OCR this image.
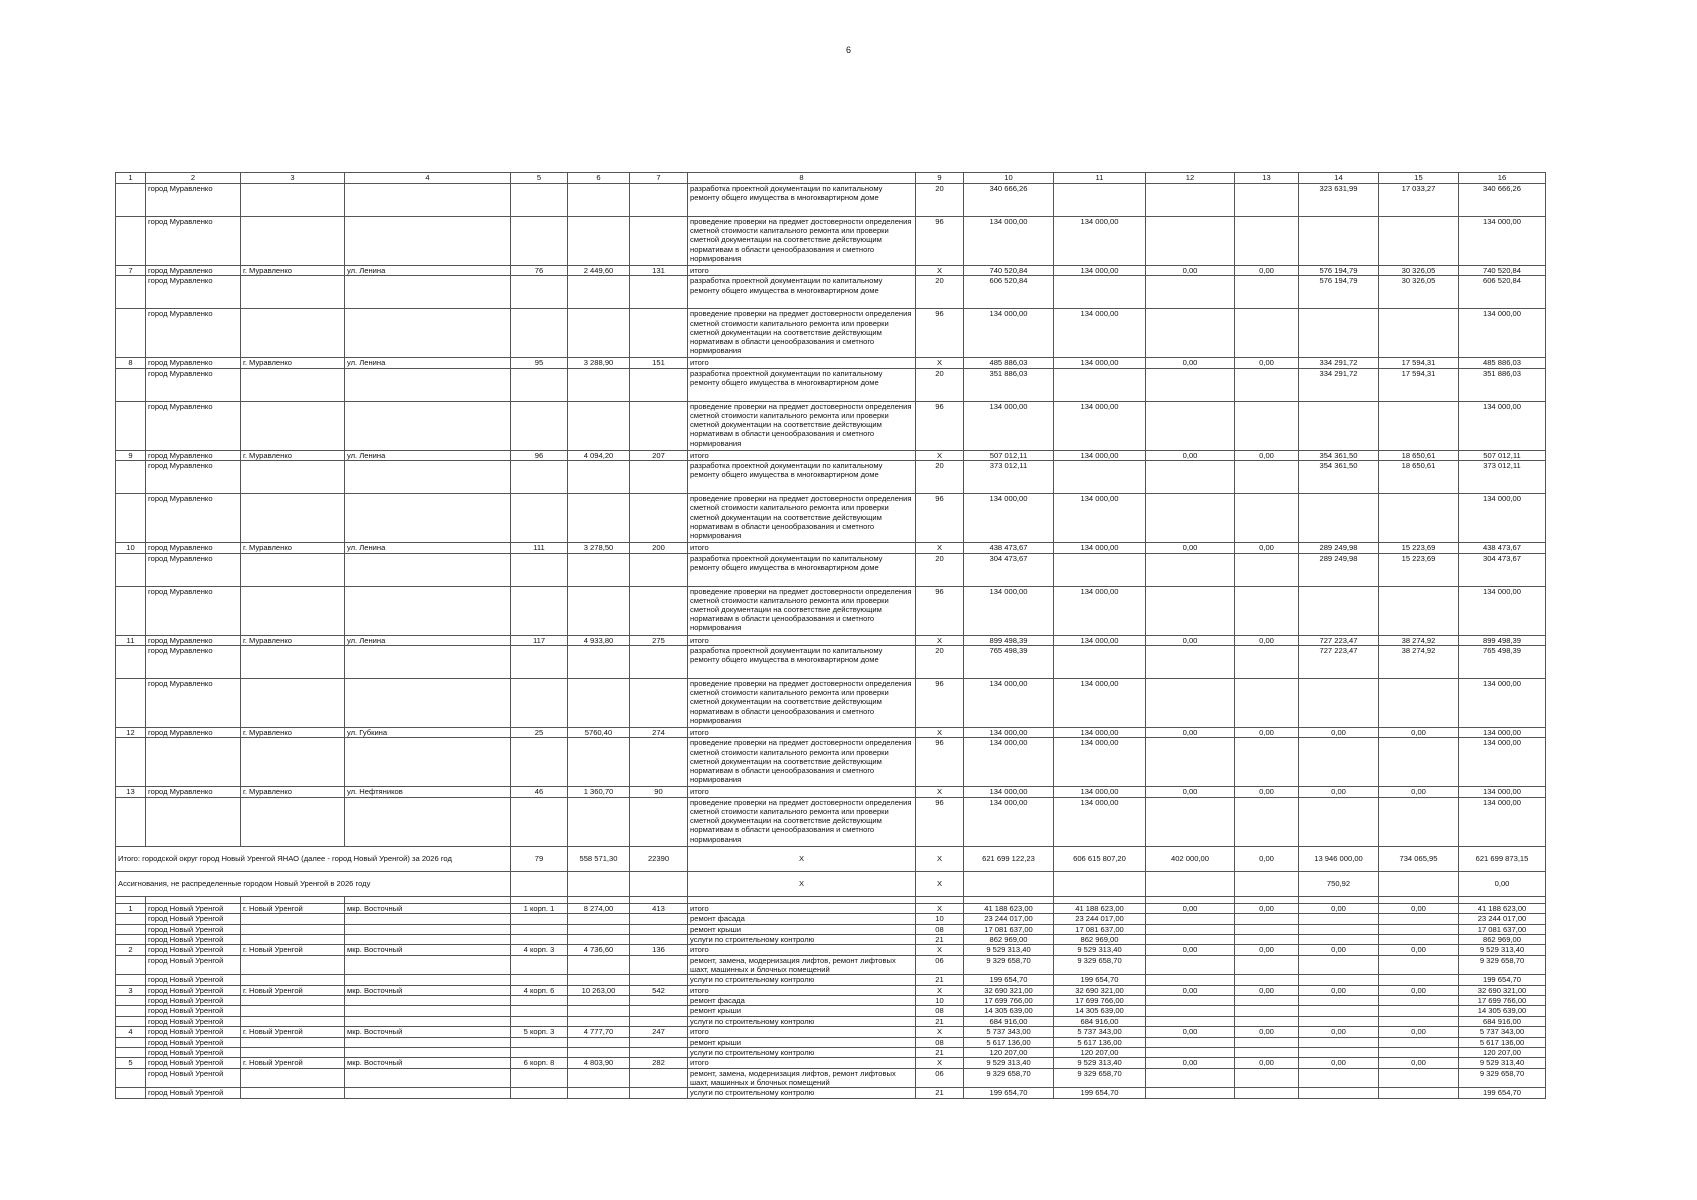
6
1	2	3	4	5	6	7	8	9	10	11	12	13	14	15	16
	город Муравленко						разработка проектной документации по капитальному ремонту общего имущества в многоквартирном доме	20	340 666,26				323 631,99	17 033,27	340 666,26
	город Муравленко						проведение проверки на предмет достоверности определения сметной стоимости капитального ремонта или проверки сметной документации на соответствие действующим нормативам в области ценообразования и сметного нормирования	96	134 000,00	134 000,00					134 000,00
7	город Муравленко	г. Муравленко	ул. Ленина	76	2 449,60	131	итого	X	740 520,84	134 000,00	0,00	0,00	576 194,79	30 326,05	740 520,84
	город Муравленко						разработка проектной документации по капитальному ремонту общего имущества в многоквартирном доме	20	606 520,84				576 194,79	30 326,05	606 520,84
	город Муравленко						проведение проверки на предмет достоверности определения сметной стоимости капитального ремонта или проверки сметной документации на соответствие действующим нормативам в области ценообразования и сметного нормирования	96	134 000,00	134 000,00					134 000,00
8	город Муравленко	г. Муравленко	ул. Ленина	95	3 288,90	151	итого	X	485 886,03	134 000,00	0,00	0,00	334 291,72	17 594,31	485 886,03
	город Муравленко						разработка проектной документации по капитальному ремонту общего имущества в многоквартирном доме	20	351 886,03				334 291,72	17 594,31	351 886,03
	город Муравленко						проведение проверки на предмет достоверности определения сметной стоимости капитального ремонта или проверки сметной документации на соответствие действующим нормативам в области ценообразования и сметного нормирования	96	134 000,00	134 000,00					134 000,00
9	город Муравленко	г. Муравленко	ул. Ленина	96	4 094,20	207	итого	X	507 012,11	134 000,00	0,00	0,00	354 361,50	18 650,61	507 012,11
	город Муравленко						разработка проектной документации по капитальному ремонту общего имущества в многоквартирном доме	20	373 012,11				354 361,50	18 650,61	373 012,11
	город Муравленко						проведение проверки на предмет достоверности определения сметной стоимости капитального ремонта или проверки сметной документации на соответствие действующим нормативам в области ценообразования и сметного нормирования	96	134 000,00	134 000,00					134 000,00
10	город Муравленко	г. Муравленко	ул. Ленина	111	3 278,50	200	итого	X	438 473,67	134 000,00	0,00	0,00	289 249,98	15 223,69	438 473,67
	город Муравленко						разработка проектной документации по капитальному ремонту общего имущества в многоквартирном доме	20	304 473,67				289 249,98	15 223,69	304 473,67
	город Муравленко						проведение проверки на предмет достоверности определения сметной стоимости капитального ремонта или проверки сметной документации на соответствие действующим нормативам в области ценообразования и сметного нормирования	96	134 000,00	134 000,00					134 000,00
11	город Муравленко	г. Муравленко	ул. Ленина	117	4 933,80	275	итого	X	899 498,39	134 000,00	0,00	0,00	727 223,47	38 274,92	899 498,39
	город Муравленко						разработка проектной документации по капитальному ремонту общего имущества в многоквартирном доме	20	765 498,39				727 223,47	38 274,92	765 498,39
	город Муравленко						проведение проверки на предмет достоверности определения сметной стоимости капитального ремонта или проверки сметной документации на соответствие действующим нормативам в области ценообразования и сметного нормирования	96	134 000,00	134 000,00					134 000,00
12	город Муравленко	г. Муравленко	ул. Губкина	25	5760,40	274	итого	X	134 000,00	134 000,00	0,00	0,00	0,00	0,00	134 000,00
							проведение проверки на предмет достоверности определения сметной стоимости капитального ремонта или проверки сметной документации на соответствие действующим нормативам в области ценообразования и сметного нормирования	96	134 000,00	134 000,00					134 000,00
13	город Муравленко	г. Муравленко	ул. Нефтяников	46	1 360,70	90	итого	X	134 000,00	134 000,00	0,00	0,00	0,00	0,00	134 000,00
							проведение проверки на предмет достоверности определения сметной стоимости капитального ремонта или проверки сметной документации на соответствие действующим нормативам в области ценообразования и сметного нормирования	96	134 000,00	134 000,00					134 000,00
Итого: городской округ город Новый Уренгой ЯНАО (далее - город Новый Уренгой) за 2026 год				79	558 571,30	22390	X	X	621 699 122,23	606 615 807,20	402 000,00	0,00	13 946 000,00	734 065,95	621 699 873,15
Ассигнования, не распределенные городом Новый Уренгой в 2026 году							X	X					750,92		0,00

1	город Новый Уренгой	г. Новый Уренгой	мкр. Восточный	1 корп. 1	8 274,00	413	итого	X	41 188 623,00	41 188 623,00	0,00	0,00	0,00	0,00	41 188 623,00
	город Новый Уренгой						ремонт фасада	10	23 244 017,00	23 244 017,00					23 244 017,00
	город Новый Уренгой						ремонт крыши	08	17 081 637,00	17 081 637,00					17 081 637,00
	город Новый Уренгой						услуги по строительному контролю	21	862 969,00	862 969,00					862 969,00
2	город Новый Уренгой	г. Новый Уренгой	мкр. Восточный	4 корп. 3	4 736,60	136	итого	X	9 529 313,40	9 529 313,40	0,00	0,00	0,00	0,00	9 529 313,40
	город Новый Уренгой						ремонт, замена, модернизация лифтов, ремонт лифтовых шахт, машинных и блочных помещений	06	9 329 658,70	9 329 658,70					9 329 658,70
	город Новый Уренгой						услуги по строительному контролю	21	199 654,70	199 654,70					199 654,70
3	город Новый Уренгой	г. Новый Уренгой	мкр. Восточный	4 корп. 6	10 263,00	542	итого	X	32 690 321,00	32 690 321,00	0,00	0,00	0,00	0,00	32 690 321,00
	город Новый Уренгой						ремонт фасада	10	17 699 766,00	17 699 766,00					17 699 766,00
	город Новый Уренгой						ремонт крыши	08	14 305 639,00	14 305 639,00					14 305 639,00
	город Новый Уренгой						услуги по строительному контролю	21	684 916,00	684 916,00					684 916,00
4	город Новый Уренгой	г. Новый Уренгой	мкр. Восточный	5 корп. 3	4 777,70	247	итого	X	5 737 343,00	5 737 343,00	0,00	0,00	0,00	0,00	5 737 343,00
	город Новый Уренгой						ремонт крыши	08	5 617 136,00	5 617 136,00					5 617 136,00
	город Новый Уренгой						услуги по строительному контролю	21	120 207,00	120 207,00					120 207,00
5	город Новый Уренгой	г. Новый Уренгой	мкр. Восточный	6 корп. 8	4 803,90	282	итого	X	9 529 313,40	9 529 313,40	0,00	0,00	0,00	0,00	9 529 313,40
	город Новый Уренгой						ремонт, замена, модернизация лифтов, ремонт лифтовых шахт, машинных и блочных помещений	06	9 329 658,70	9 329 658,70					9 329 658,70
	город Новый Уренгой						услуги по строительному контролю	21	199 654,70	199 654,70					199 654,70
